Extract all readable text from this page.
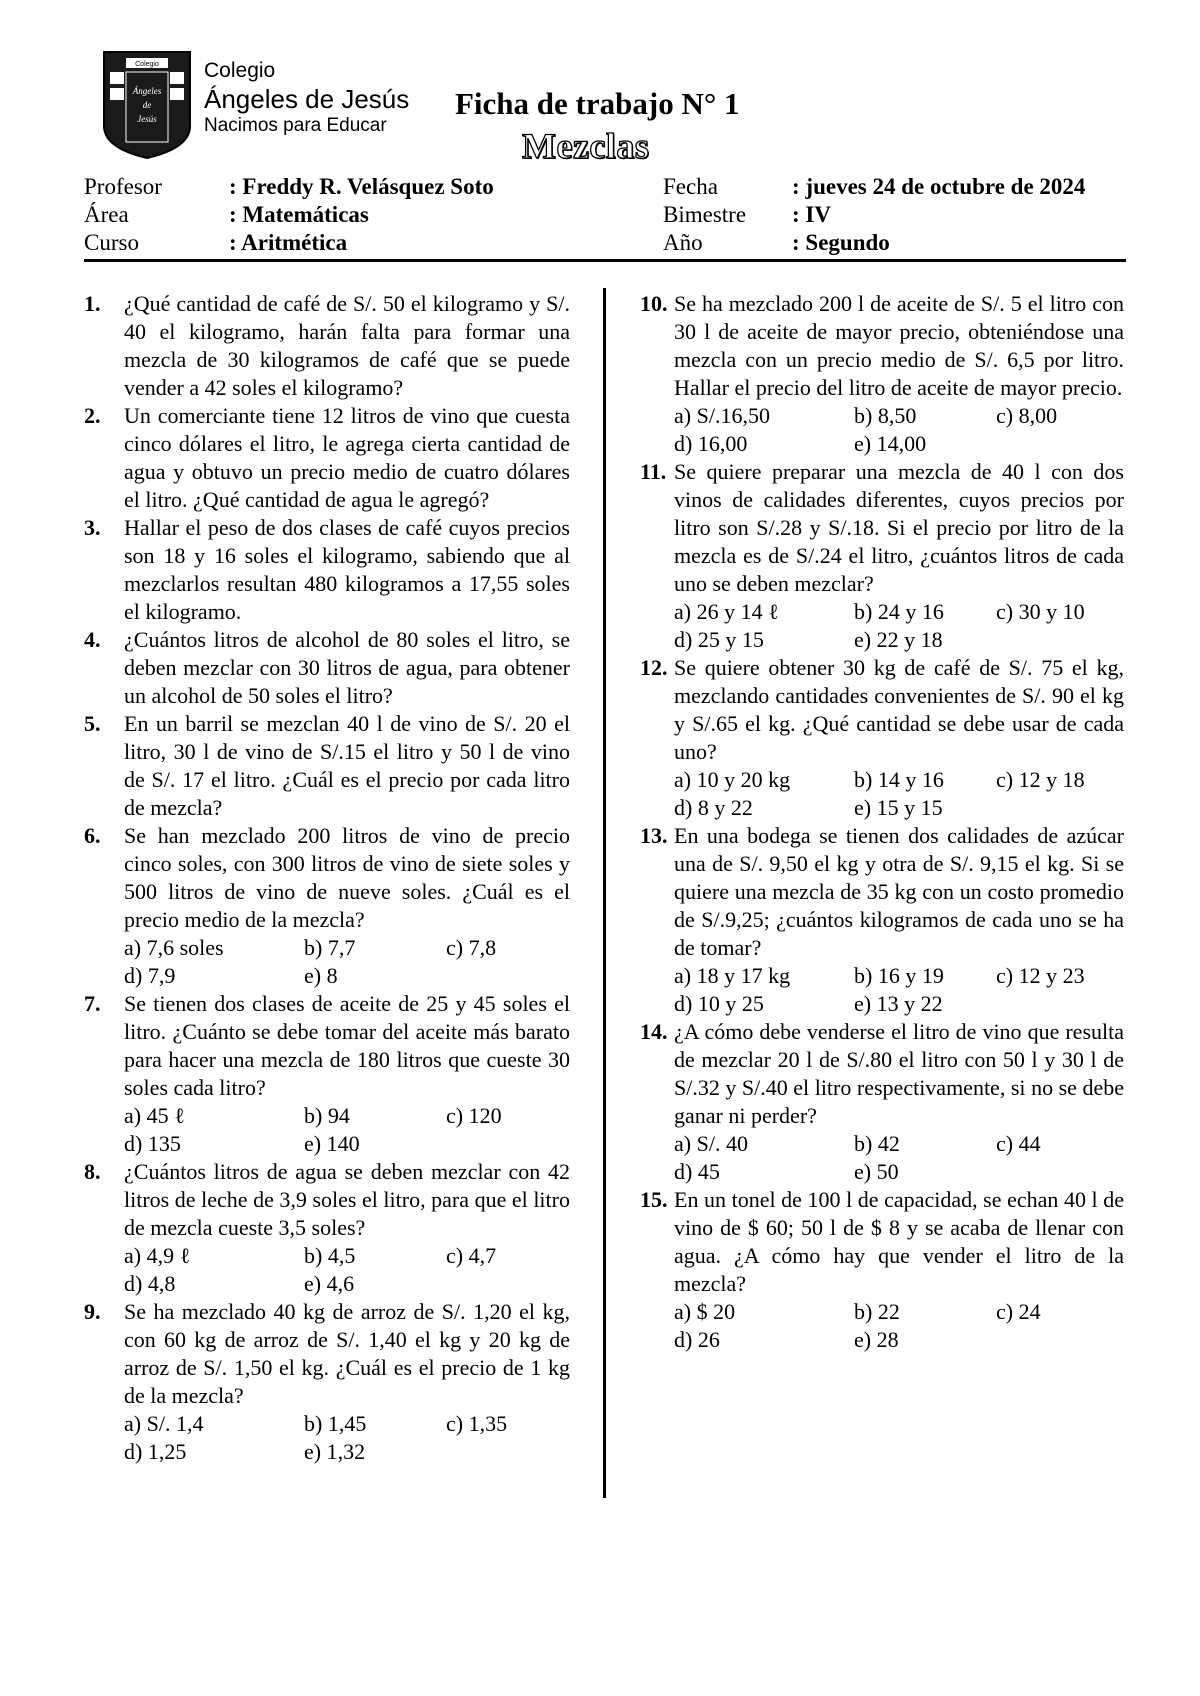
Colegio
Ángeles
de
Jesús
Colegio
Ángeles de Jesús
Nacimos para Educar
Ficha de trabajo N° 1
Mezclas
Profesor	: Freddy R. Velásquez Soto	Fecha	: jueves 24 de octubre de 2024
Área	: Matemáticas	Bimestre : IV
Curso	: Aritmética	Año	: Segundo
1. ¿Qué cantidad de café de S/. 50 el kilogramo y S/. 40 el kilogramo, harán falta para formar una mezcla de 30 kilogramos de café que se puede vender a 42 soles el kilogramo?
2. Un comerciante tiene 12 litros de vino que cuesta cinco dólares el litro, le agrega cierta cantidad de agua y obtuvo un precio medio de cuatro dólares el litro. ¿Qué cantidad de agua le agregó?
3. Hallar el peso de dos clases de café cuyos precios son 18 y 16 soles el kilogramo, sabiendo que al mezclarlos resultan 480 kilogramos a 17,55 soles el kilogramo.
4. ¿Cuántos litros de alcohol de 80 soles el litro, se deben mezclar con 30 litros de agua, para obtener un alcohol de 50 soles el litro?
5. En un barril se mezclan 40 l de vino de S/. 20 el litro, 30 l de vino de S/.15 el litro y 50 l de vino de S/. 17 el litro. ¿Cuál es el precio por cada litro de mezcla?
6. Se han mezclado 200 litros de vino de precio cinco soles, con 300 litros de vino de siete soles y 500 litros de vino de nueve soles. ¿Cuál es el precio medio de la mezcla?
a) 7,6 soles	b) 7,7	c) 7,8
d) 7,9	e) 8
7. Se tienen dos clases de aceite de 25 y 45 soles el litro. ¿Cuánto se debe tomar del aceite más barato para hacer una mezcla de 180 litros que cueste 30 soles cada litro?
a) 45 ℓ	b) 94	c) 120
d) 135	e) 140
8. ¿Cuántos litros de agua se deben mezclar con 42 litros de leche de 3,9 soles el litro, para que el litro de mezcla cueste 3,5 soles?
a) 4,9 ℓ	b) 4,5	c) 4,7
d) 4,8	e) 4,6
9. Se ha mezclado 40 kg de arroz de S/. 1,20 el kg, con 60 kg de arroz de S/. 1,40 el kg y 20 kg de arroz de S/. 1,50 el kg. ¿Cuál es el precio de 1 kg de la mezcla?
a) S/. 1,4	b) 1,45	c) 1,35
d) 1,25	e) 1,32
10. Se ha mezclado 200 l de aceite de S/. 5 el litro con 30 l de aceite de mayor precio, obteniéndose una mezcla con un precio medio de S/. 6,5 por litro. Hallar el precio del litro de aceite de mayor precio.
a) S/.16,50	b) 8,50	c) 8,00
d) 16,00	e) 14,00
11. Se quiere preparar una mezcla de 40 l con dos vinos de calidades diferentes, cuyos precios por litro son S/.28 y S/.18. Si el precio por litro de la mezcla es de S/.24 el litro, ¿cuántos litros de cada uno se deben mezclar?
a) 26 y 14 ℓ	b) 24 y 16	c) 30 y 10
d) 25 y 15	e) 22 y 18
12. Se quiere obtener 30 kg de café de S/. 75 el kg, mezclando cantidades convenientes de S/. 90 el kg y S/.65 el kg. ¿Qué cantidad se debe usar de cada uno?
a) 10 y 20 kg	b) 14 y 16	c) 12 y 18
d) 8 y 22	e) 15 y 15
13. En una bodega se tienen dos calidades de azúcar una de S/. 9,50 el kg y otra de S/. 9,15 el kg. Si se quiere una mezcla de 35 kg con un costo promedio de S/.9,25; ¿cuántos kilogramos de cada uno se ha de tomar?
a) 18 y 17 kg	b) 16 y 19	c) 12 y 23
d) 10 y 25	e) 13 y 22
14. ¿A cómo debe venderse el litro de vino que resulta de mezclar 20 l de S/.80 el litro con 50 l y 30 l de S/.32 y S/.40 el litro respectivamente, si no se debe ganar ni perder?
a) S/. 40	b) 42	c) 44
d) 45	e) 50
15. En un tonel de 100 l de capacidad, se echan 40 l de vino de $ 60; 50 l de $ 8 y se acaba de llenar con agua. ¿A cómo hay que vender el litro de la mezcla?
a) $ 20	b) 22	c) 24
d) 26	e) 28
